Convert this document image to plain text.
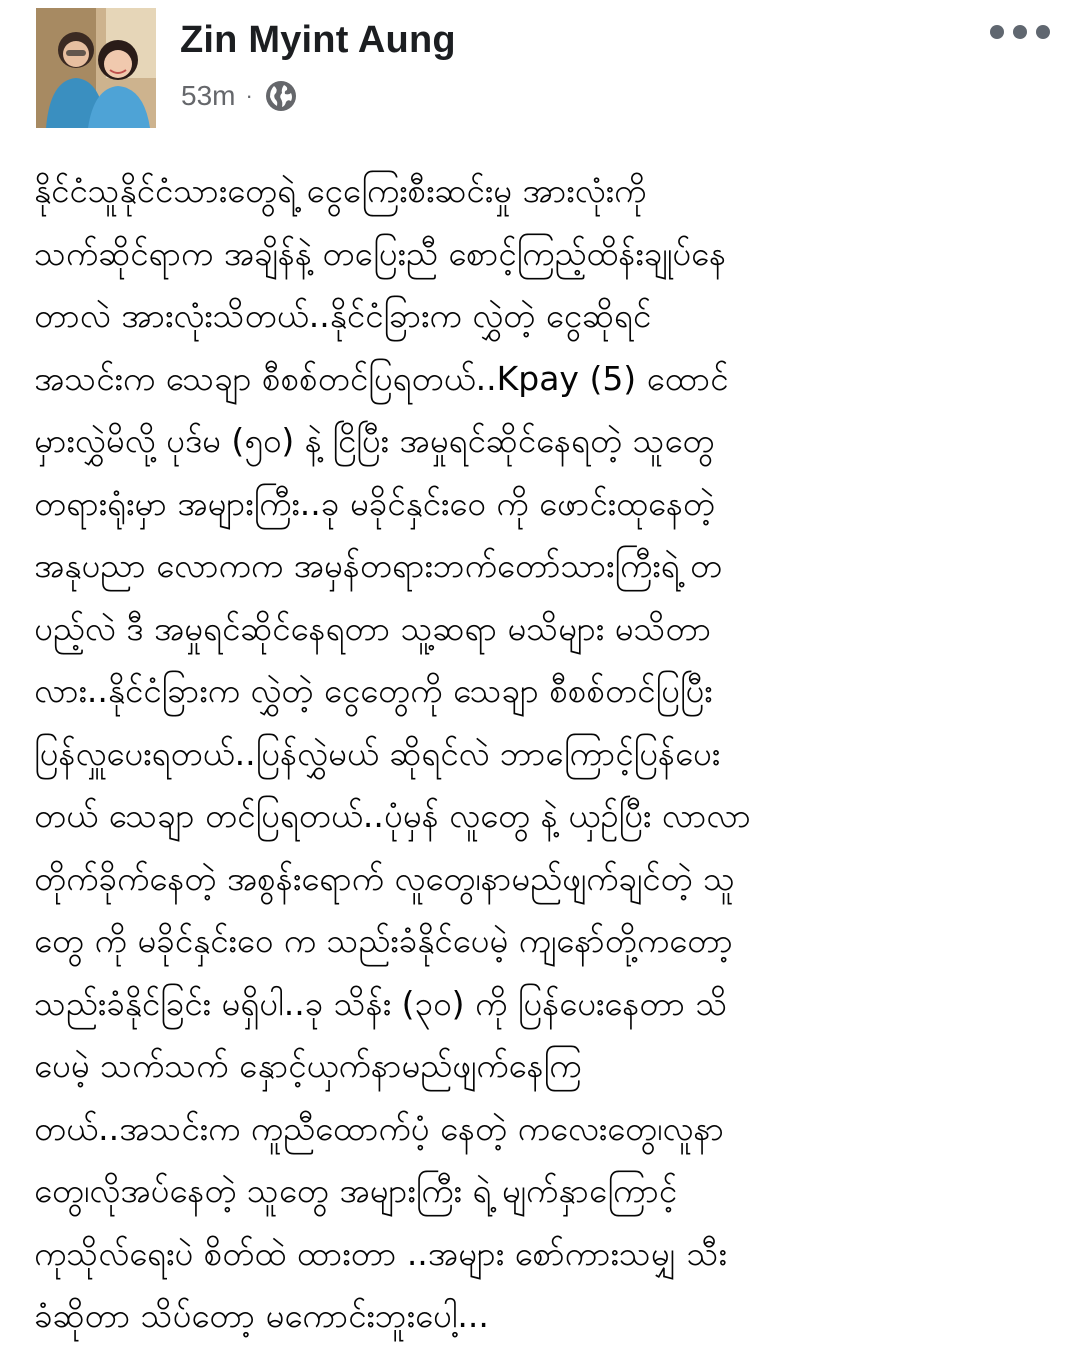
Zin Myint Aung
53m ·

နိုင်ငံသူနိုင်ငံသားတွေရဲ့ ငွေကြေးစီးဆင်းမှု အားလုံးကို
သက်ဆိုင်ရာက အချိန်နဲ့ တပြေးညီ စောင့်ကြည့်ထိန်းချုပ်နေ
တာလဲ အားလုံးသိတယ်..နိုင်ငံခြားက လွှဲတဲ့ ငွေဆိုရင်
အသင်းက သေချာ စီစစ်တင်ပြရတယ်..Kpay (5) ထောင်
မှားလွှဲမိလို့ ပုဒ်မ (၅၀) နဲ့ ငြိပြီး အမှုရင်ဆိုင်နေရတဲ့ သူတွေ
တရားရုံးမှာ အများကြီး..ခု မခိုင်နှင်းဝေ ကို ဖောင်းထုနေတဲ့
အနုပညာ လောကက အမှန်တရားဘက်တော်သားကြီးရဲ့ တ
ပည့်လဲ ဒီ အမှုရင်ဆိုင်နေရတာ သူ့ဆရာ မသိများ မသိတာ
လား..နိုင်ငံခြားက လွှဲတဲ့ ငွေတွေကို သေချာ စီစစ်တင်ပြပြီး
ပြန်လှူပေးရတယ်..ပြန်လွှဲမယ် ဆိုရင်လဲ ဘာကြောင့်ပြန်ပေး
တယ် သေချာ တင်ပြရတယ်..ပုံမှန် လူတွေ နဲ့ ယှဉ်ပြီး လာလာ
တိုက်ခိုက်နေတဲ့ အစွန်းရောက် လူတွေ၊နာမည်ဖျက်ချင်တဲ့ သူ
တွေ ကို မခိုင်နှင်းဝေ က သည်းခံနိုင်ပေမဲ့ ကျနော်တို့ကတော့
သည်းခံနိုင်ခြင်း မရှိပါ..ခု သိန်း (၃၀) ကို ပြန်ပေးနေတာ သိ
ပေမဲ့ သက်သက် နှောင့်ယှက်နာမည်ဖျက်နေကြ
တယ်..အသင်းက ကူညီထောက်ပံ့ နေတဲ့ ကလေးတွေ၊လူနာ
တွေ၊လိုအပ်နေတဲ့ သူတွေ အများကြီး ရဲ့ မျက်နှာကြောင့်
ကုသိုလ်ရေးပဲ စိတ်ထဲ ထားတာ ..အများ စော်ကားသမျှ သီး
ခံဆိုတာ သိပ်တော့ မကောင်းဘူးပေါ့...
